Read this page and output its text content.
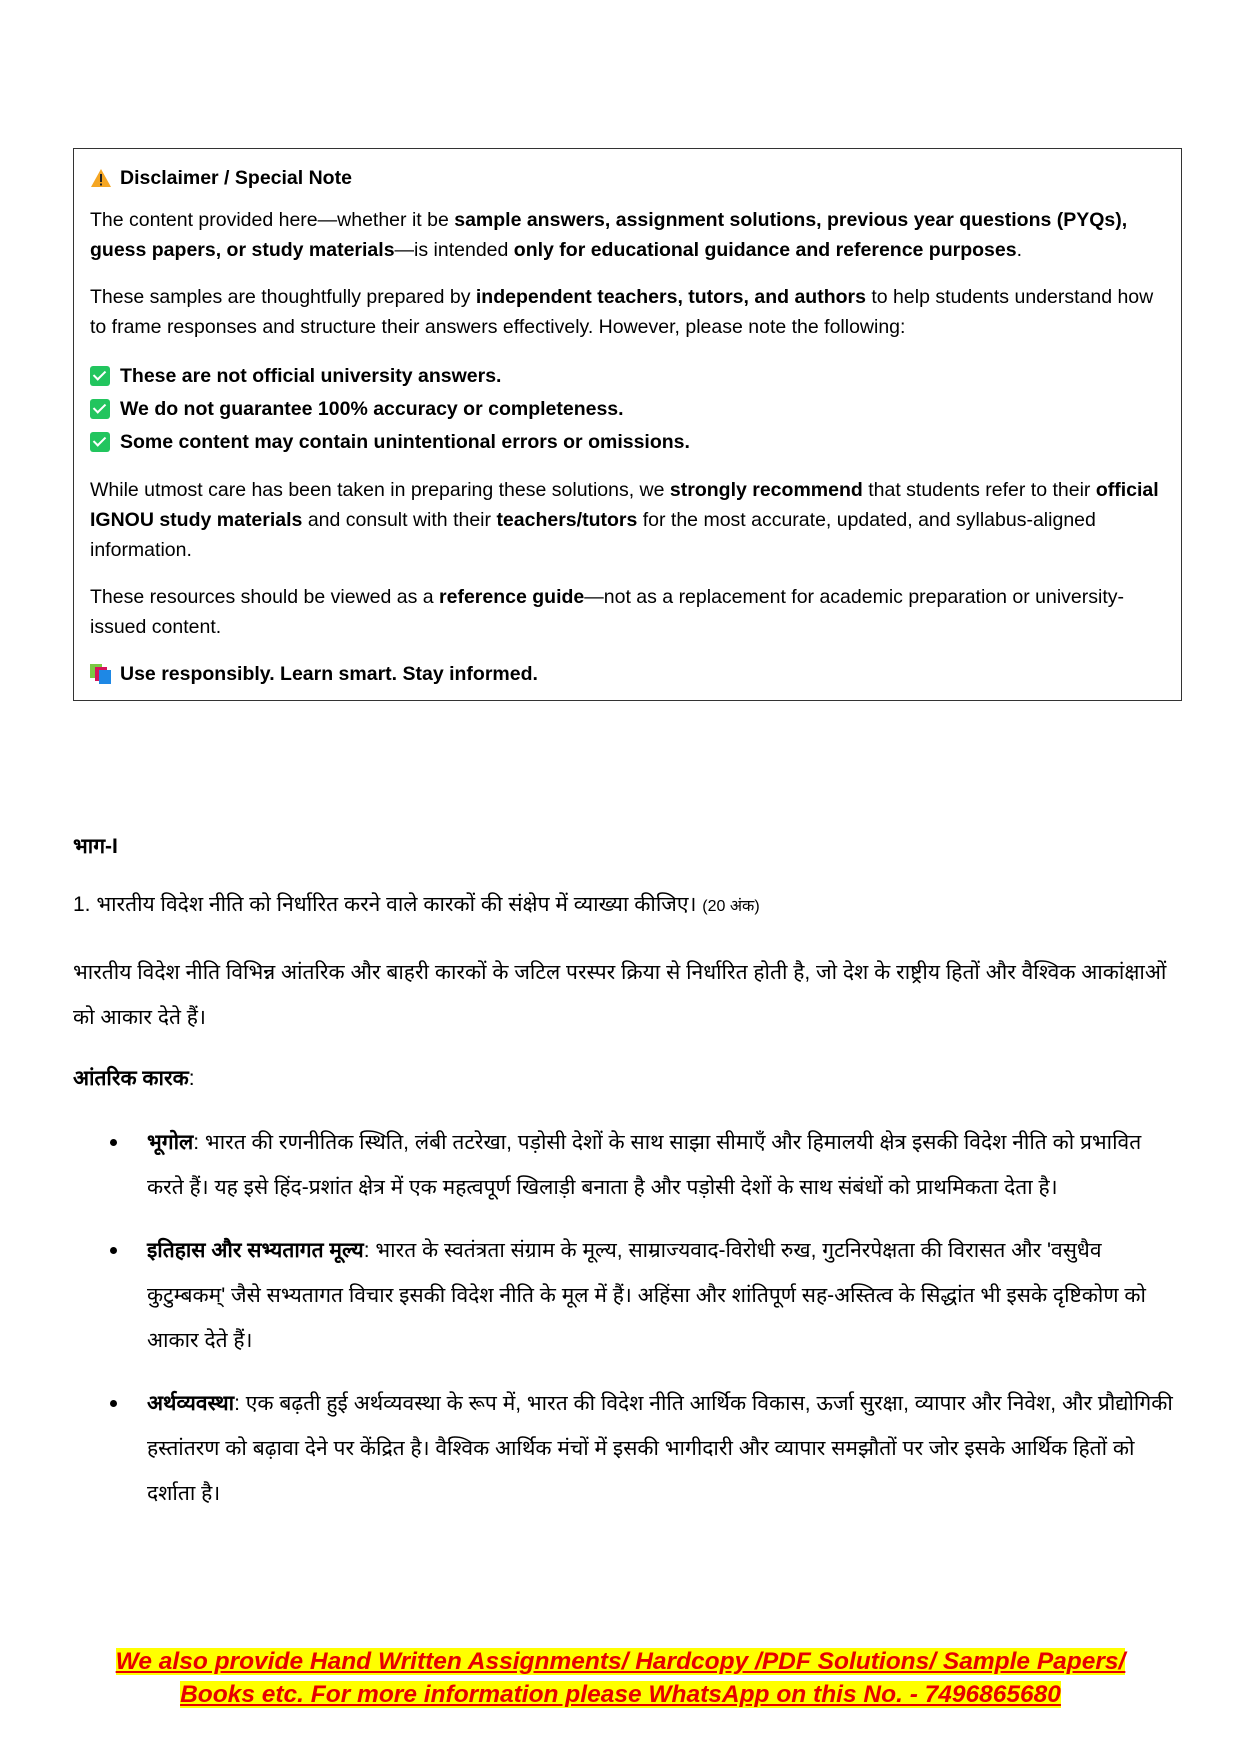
Disclaimer / Special Note

The content provided here—whether it be sample answers, assignment solutions, previous year questions (PYQs), guess papers, or study materials—is intended only for educational guidance and reference purposes.

These samples are thoughtfully prepared by independent teachers, tutors, and authors to help students understand how to frame responses and structure their answers effectively. However, please note the following:

These are not official university answers.
We do not guarantee 100% accuracy or completeness.
Some content may contain unintentional errors or omissions.

While utmost care has been taken in preparing these solutions, we strongly recommend that students refer to their official IGNOU study materials and consult with their teachers/tutors for the most accurate, updated, and syllabus-aligned information.

These resources should be viewed as a reference guide—not as a replacement for academic preparation or university-issued content.

Use responsibly. Learn smart. Stay informed.

भाग-I
1. भारतीय विदेश नीति को निर्धारित करने वाले कारकों की संक्षेप में व्याख्या कीजिए। (20 अंक)
भारतीय विदेश नीति विभिन्न आंतरिक और बाहरी कारकों के जटिल परस्पर क्रिया से निर्धारित होती है, जो देश के राष्ट्रीय हितों और वैश्विक आकांक्षाओं को आकार देते हैं।
आंतरिक कारक:
भूगोल: भारत की रणनीतिक स्थिति, लंबी तटरेखा, पड़ोसी देशों के साथ साझा सीमाएँ और हिमालयी क्षेत्र इसकी विदेश नीति को प्रभावित करते हैं। यह इसे हिंद-प्रशांत क्षेत्र में एक महत्वपूर्ण खिलाड़ी बनाता है और पड़ोसी देशों के साथ संबंधों को प्राथमिकता देता है।
इतिहास और सभ्यतागत मूल्य: भारत के स्वतंत्रता संग्राम के मूल्य, साम्राज्यवाद-विरोधी रुख, गुटनिरपेक्षता की विरासत और 'वसुधैव कुटुम्बकम्' जैसे सभ्यतागत विचार इसकी विदेश नीति के मूल में हैं। अहिंसा और शांतिपूर्ण सह-अस्तित्व के सिद्धांत भी इसके दृष्टिकोण को आकार देते हैं।
अर्थव्यवस्था: एक बढ़ती हुई अर्थव्यवस्था के रूप में, भारत की विदेश नीति आर्थिक विकास, ऊर्जा सुरक्षा, व्यापार और निवेश, और प्रौद्योगिकी हस्तांतरण को बढ़ावा देने पर केंद्रित है। वैश्विक आर्थिक मंचों में इसकी भागीदारी और व्यापार समझौतों पर जोर इसके आर्थिक हितों को दर्शाता है।
We also provide Hand Written Assignments/ Hardcopy /PDF Solutions/ Sample Papers/
Books etc. For more information please WhatsApp on this No. - 7496865680
